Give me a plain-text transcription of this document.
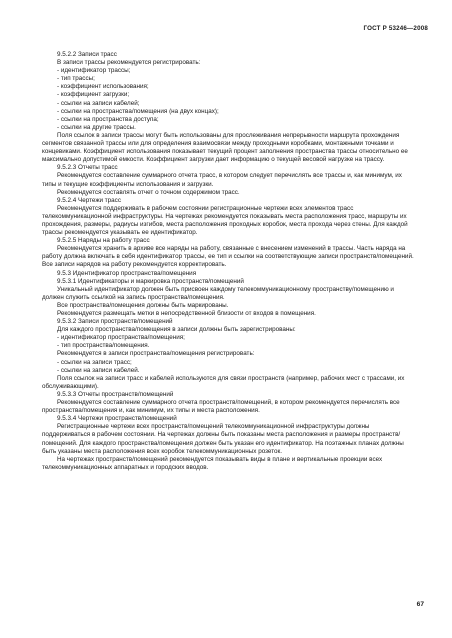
ГОСТ Р 53246—2008

9.5.2.2 Записи трасс

В записи трассы рекомендуется регистрировать:

- идентификатор трассы;

- тип трассы;

- коэффициент использования;

- коэффициент загрузки;

- ссылки на записи кабелей;

- ссылки на пространства/помещения (на двух концах);

- ссылки на пространства доступа;

- ссылки на другие трассы.

Поля ссылок в записи трассы могут быть использованы для прослеживания непрерывности маршрута прохождения сегментов связанной трассы или для определения взаимосвязи между проходными коробками, монтажными точками и концевиками. Коэффициент использования показывает текущий процент заполнения пространства трассы относительно ее максимально допустимой емкости. Коэффициент загрузки дает информацию о текущей весовой нагрузке на трассу.

9.5.2.3 Отчеты трасс

Рекомендуется составление суммарного отчета трасс, в котором следует перечислять все трассы и, как минимум, их типы и текущие коэффициенты использования и загрузки.

Рекомендуется составлять отчет о точном содержимом трасс.

9.5.2.4 Чертежи трасс

Рекомендуется поддерживать в рабочем состоянии регистрационные чертежи всех элементов трасс телекоммуникационной инфраструктуры. На чертежах рекомендуется показывать места расположения трасс, маршруты их прохождения, размеры, радиусы изгибов, места расположения проходных коробок, места прохода через стены. Для каждой трассы рекомендуется указывать ее идентификатор.

9.5.2.5 Наряды на работу трасс

Рекомендуется хранить в архиве все наряды на работу, связанные с внесением изменений в трассы. Часть наряда на работу должна включать в себя идентификатор трассы, ее тип и ссылки на соответствующие записи пространств/помещений. Все записи нарядов на работу рекомендуется корректировать.

9.5.3 Идентификатор пространства/помещения

9.5.3.1 Идентификаторы и маркировка пространств/помещений

Уникальный идентификатор должен быть присвоен каждому телекоммуникационному пространству/помещению и должен служить ссылкой на запись пространства/помещения.

Все пространства/помещения должны быть маркированы.

Рекомендуется размещать метки в непосредственной близости от входов в помещения.

9.5.3.2 Записи пространств/помещений

Для каждого пространства/помещения в записи должны быть зарегистрированы:

- идентификатор пространства/помещения;

- тип пространства/помещения.

Рекомендуется в записи пространства/помещения регистрировать:

- ссылки на записи трасс;

- ссылки на записи кабелей.

Поля ссылок на записи трасс и кабелей используются для связи пространств (например, рабочих мест с трассами, их обслуживающими).

9.5.3.3 Отчеты пространств/помещений

Рекомендуется составление суммарного отчета пространств/помещений, в котором рекомендуется перечислять все пространства/помещения и, как минимум, их типы и места расположения.

9.5.3.4 Чертежи пространств/помещений

Регистрационные чертежи всех пространств/помещений телекоммуникационной инфраструктуры должны поддерживаться в рабочем состоянии. На чертежах должны быть показаны места расположения и размеры пространств/помещений. Для каждого пространства/помещения должен быть указан его идентификатор. На поэтажных планах должны быть указаны места расположения всех коробок телекоммуникационных розеток.

На чертежах пространств/помещений рекомендуется показывать виды в плане и вертикальные проекции всех телекоммуникационных аппаратных и городских вводов.

67
